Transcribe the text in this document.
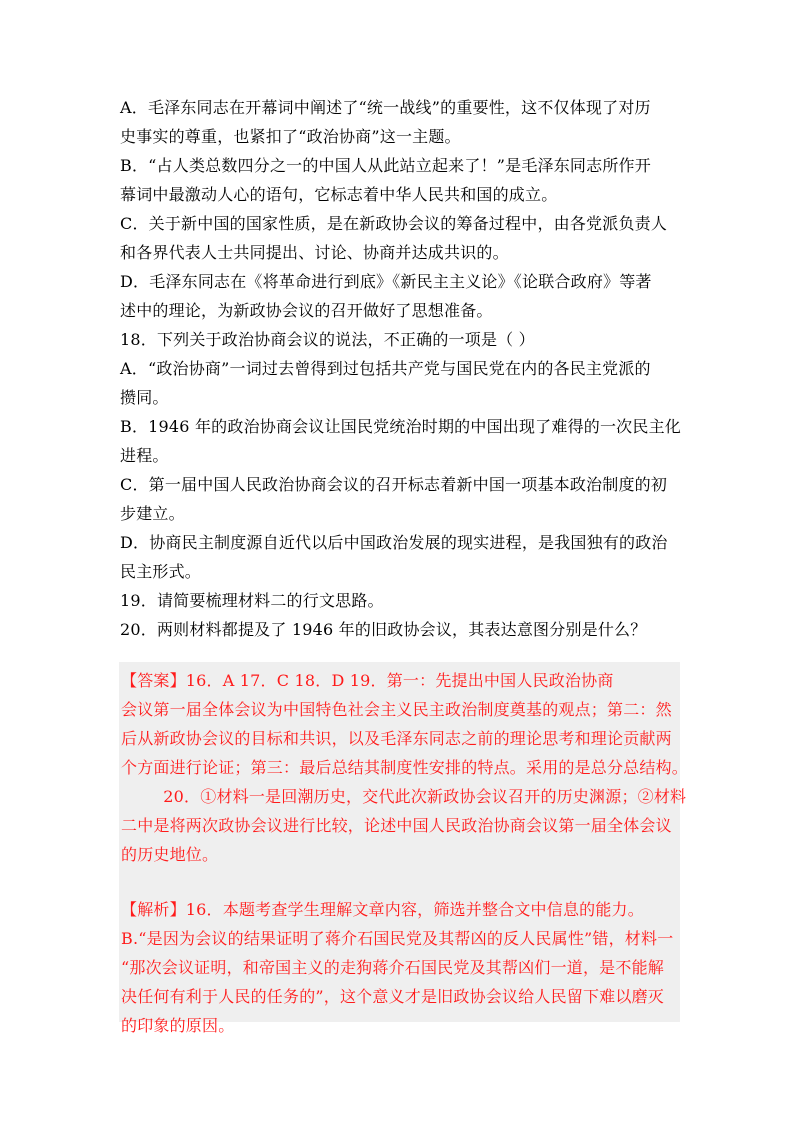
A．毛泽东同志在开幕词中阐述了“统一战线”的重要性，这不仅体现了对历
史事实的尊重，也紧扣了“政治协商”这一主题。
B．“占人类总数四分之一的中国人从此站立起来了！”是毛泽东同志所作开
幕词中最激动人心的语句，它标志着中华人民共和国的成立。
C．关于新中国的国家性质，是在新政协会议的筹备过程中，由各党派负责人
和各界代表人士共同提出、讨论、协商并达成共识的。
D．毛泽东同志在《将革命进行到底》《新民主主义论》《论联合政府》等著
述中的理论，为新政协会议的召开做好了思想准备。
18．下列关于政治协商会议的说法，不正确的一项是（ ）
A．“政治协商”一词过去曾得到过包括共产党与国民党在内的各民主党派的
攒同。
B．1946 年的政治协商会议让国民党统治时期的中国出现了难得的一次民主化
进程。
C．第一届中国人民政治协商会议的召开标志着新中国一项基本政治制度的初
步建立。
D．协商民主制度源自近代以后中国政治发展的现实进程，是我国独有的政治
民主形式。
19．请简要梳理材料二的行文思路。
20．两则材料都提及了 1946 年的旧政协会议，其表达意图分别是什么？
【答案】16．A 17．C 18．D 19．第一：先提出中国人民政治协商
会议第一届全体会议为中国特色社会主义民主政治制度奠基的观点；第二：然
后从新政协会议的目标和共识，以及毛泽东同志之前的理论思考和理论贡献两
个方面进行论证；第三：最后总结其制度性安排的特点。采用的是总分总结构。
20．①材料一是回潮历史，交代此次新政协会议召开的历史渊源；②材料
二中是将两次政协会议进行比较，论述中国人民政治协商会议第一届全体会议
的历史地位。
【解析】16．本题考查学生理解文章内容，筛选并整合文中信息的能力。
B.“是因为会议的结果证明了蒋介石国民党及其帮凶的反人民属性”错，材料一
“那次会议证明，和帝国主义的走狗蒋介石国民党及其帮凶们一道，是不能解
决任何有利于人民的任务的”，这个意义才是旧政协会议给人民留下难以磨灭
的印象的原因。
